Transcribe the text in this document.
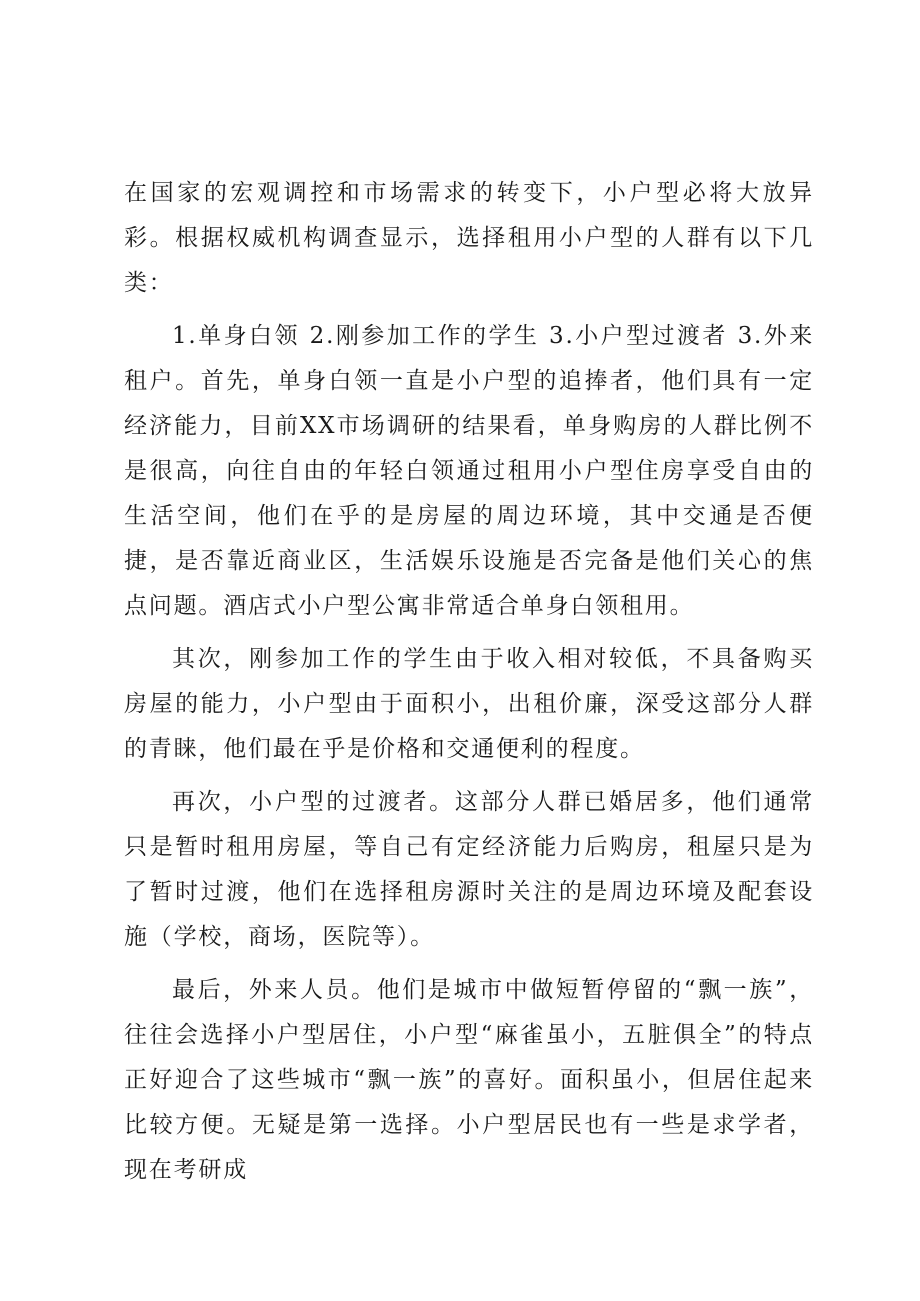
在国家的宏观调控和市场需求的转变下，小户型必将大放异彩。根据权威机构调查显示，选择租用小户型的人群有以下几类：

1.单身白领 2.刚参加工作的学生 3.小户型过渡者 3.外来租户。首先，单身白领一直是小户型的追捧者，他们具有一定经济能力，目前XX市场调研的结果看，单身购房的人群比例不是很高，向往自由的年轻白领通过租用小户型住房享受自由的生活空间，他们在乎的是房屋的周边环境，其中交通是否便捷，是否靠近商业区，生活娱乐设施是否完备是他们关心的焦点问题。酒店式小户型公寓非常适合单身白领租用。

其次，刚参加工作的学生由于收入相对较低，不具备购买房屋的能力，小户型由于面积小，出租价廉，深受这部分人群的青睐，他们最在乎是价格和交通便利的程度。

再次，小户型的过渡者。这部分人群已婚居多，他们通常只是暂时租用房屋，等自己有定经济能力后购房，租屋只是为了暂时过渡，他们在选择租房源时关注的是周边环境及配套设施（学校，商场，医院等）。

最后，外来人员。他们是城市中做短暂停留的“飘一族”，往往会选择小户型居住，小户型“麻雀虽小，五脏俱全”的特点正好迎合了这些城市“飘一族”的喜好。面积虽小，但居住起来比较方便。无疑是第一选择。小户型居民也有一些是求学者，现在考研成
